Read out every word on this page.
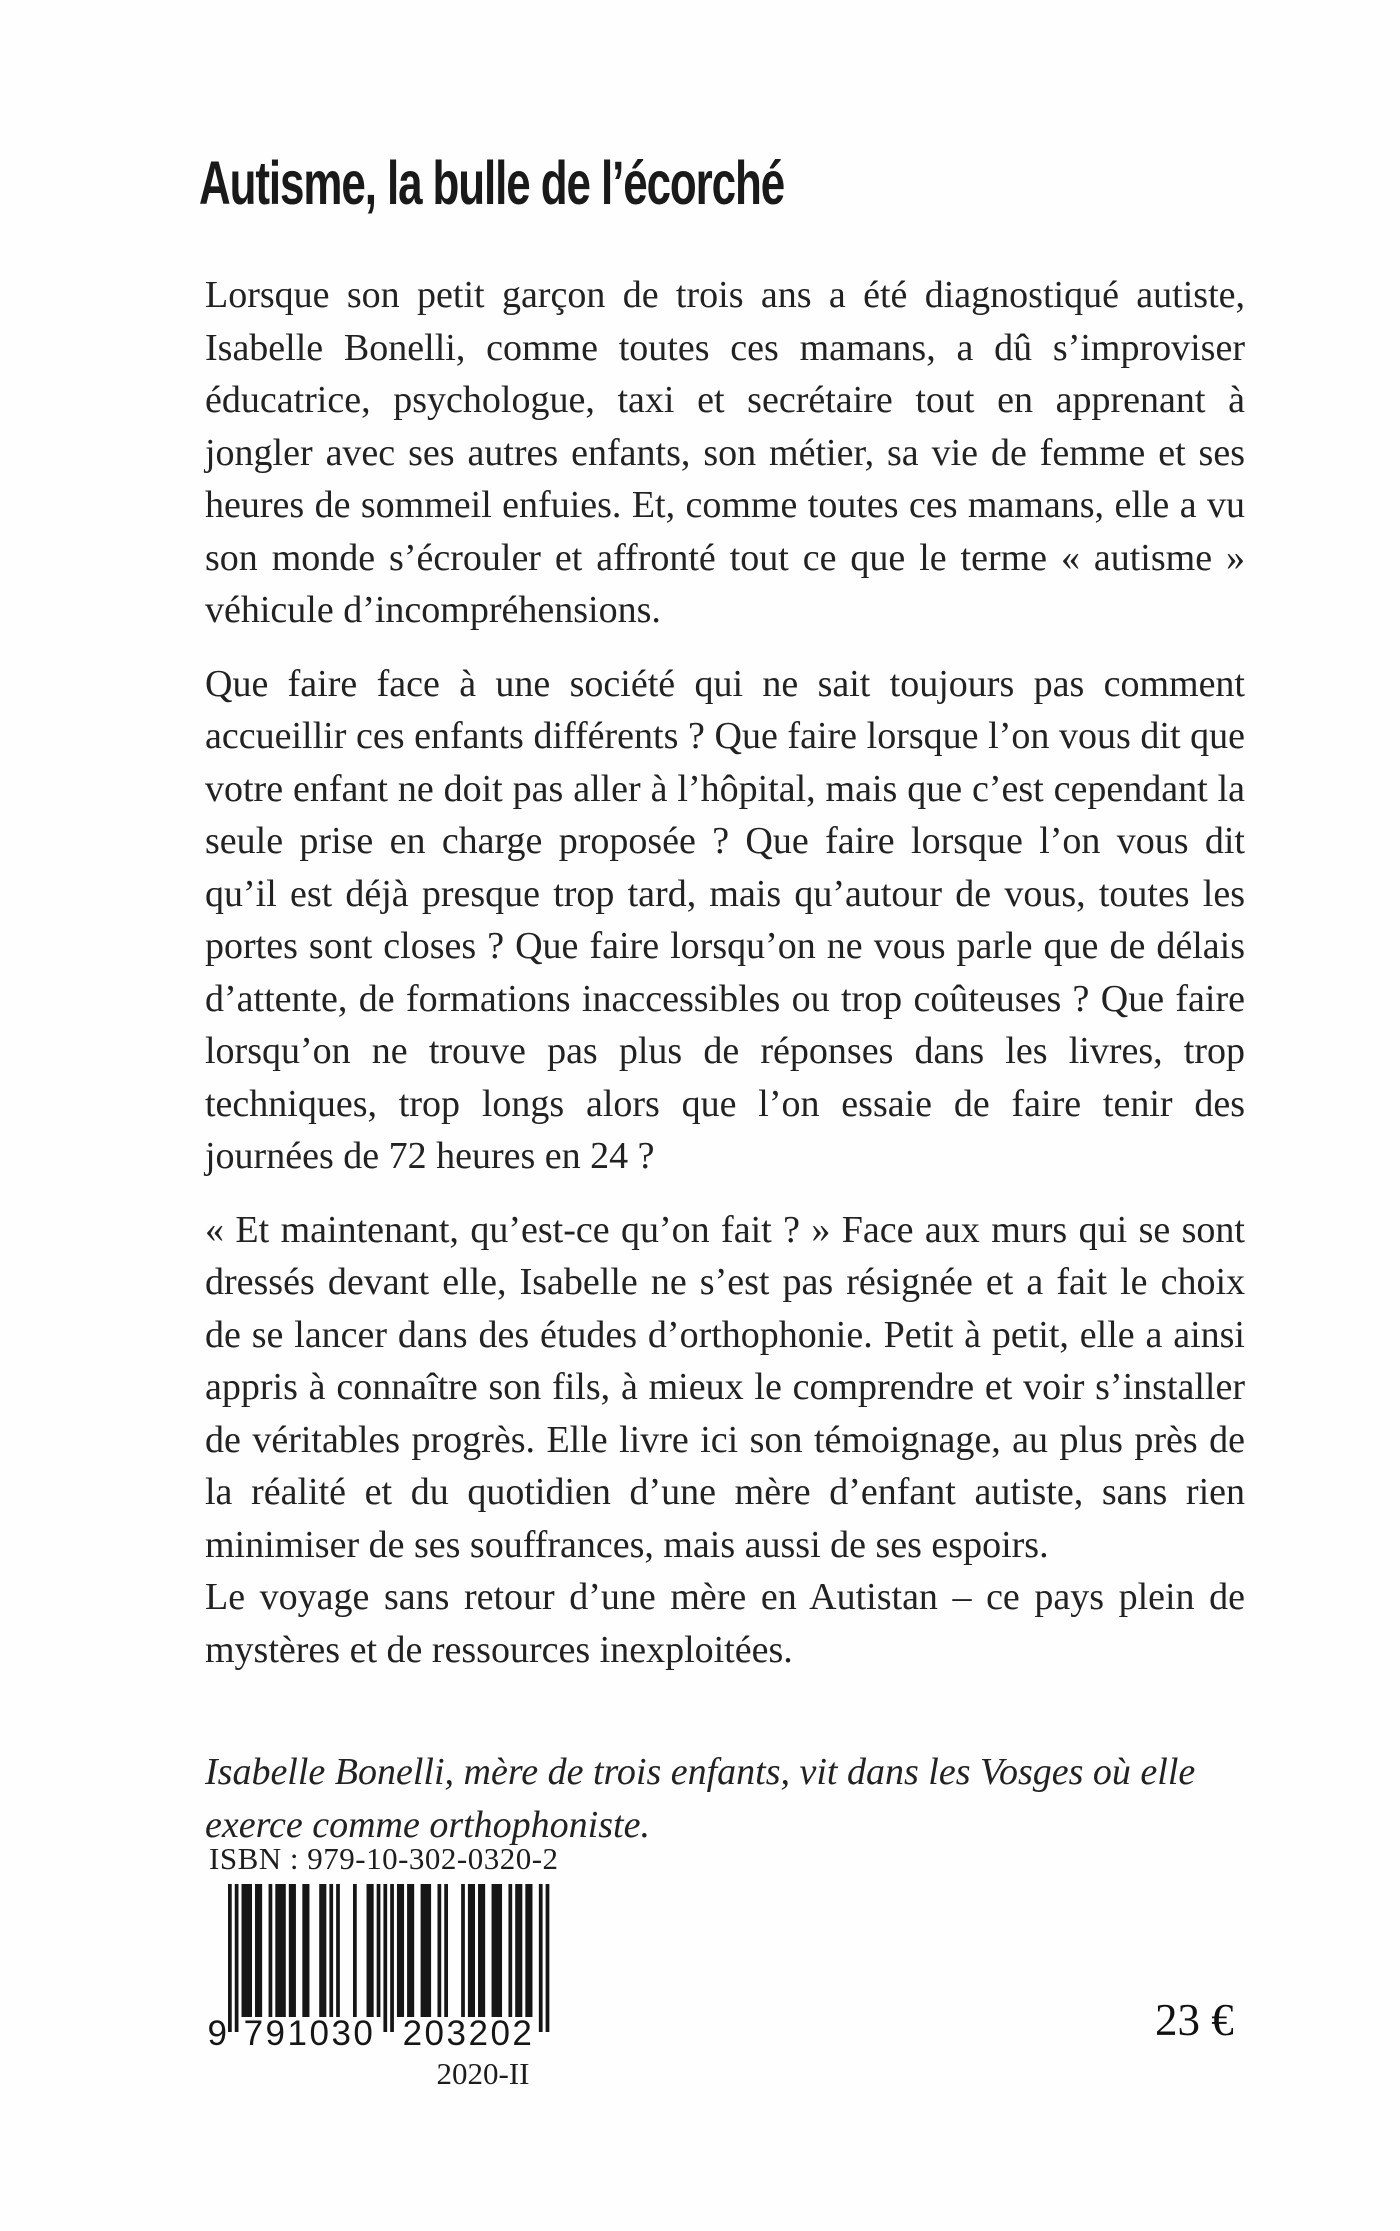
Autisme, la bulle de l’écorché

Lorsque son petit garçon de trois ans a été diagnostiqué autiste, Isabelle Bonelli, comme toutes ces mamans, a dû s’improviser éducatrice, psychologue, taxi et secrétaire tout en apprenant à jongler avec ses autres enfants, son métier, sa vie de femme et ses heures de sommeil enfuies. Et, comme toutes ces mamans, elle a vu son monde s’écrouler et affronté tout ce que le terme « autisme » véhicule d’incompréhensions.

Que faire face à une société qui ne sait toujours pas comment accueillir ces enfants différents ? Que faire lorsque l’on vous dit que votre enfant ne doit pas aller à l’hôpital, mais que c’est cependant la seule prise en charge proposée ? Que faire lorsque l’on vous dit qu’il est déjà presque trop tard, mais qu’autour de vous, toutes les portes sont closes ? Que faire lorsqu’on ne vous parle que de délais d’attente, de formations inaccessibles ou trop coûteuses ? Que faire lorsqu’on ne trouve pas plus de réponses dans les livres, trop techniques, trop longs alors que l’on essaie de faire tenir des journées de 72 heures en 24 ?

« Et maintenant, qu’est-ce qu’on fait ? » Face aux murs qui se sont dressés devant elle, Isabelle ne s’est pas résignée et a fait le choix de se lancer dans des études d’orthophonie. Petit à petit, elle a ainsi appris à connaître son fils, à mieux le comprendre et voir s’installer de véritables progrès. Elle livre ici son témoignage, au plus près de la réalité et du quotidien d’une mère d’enfant autiste, sans rien minimiser de ses souffrances, mais aussi de ses espoirs.

Le voyage sans retour d’une mère en Autistan – ce pays plein de mystères et de ressources inexploitées.

Isabelle Bonelli, mère de trois enfants, vit dans les Vosges où elle exerce comme orthophoniste.
ISBN : 979-10-302-0320-2
9 791030 203202
2020-II
23 €
